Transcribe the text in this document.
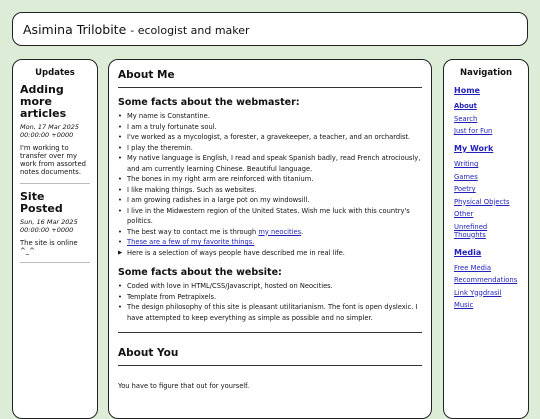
Asimina Trilobite - ecologist and maker
Updates

Adding more articles

Mon, 17 Mar 2025 00:00:00 +0000

I'm working to transfer over my work from assorted notes documents.

Site Posted

Sun, 16 Mar 2025 00:00:00 +0000

The site is online ^_^

About Me
Some facts about the webmaster:
• My name is Constantine.
• I am a truly fortunate soul.
• I've worked as a mycologist, a forester, a gravekeeper, a teacher, and an orchardist.
• I play the theremin.
• My native language is English, I read and speak Spanish badly, read French atrociously, and am currently learning Chinese. Beautiful language.
• The bones in my right arm are reinforced with titanium.
• I like making things. Such as websites.
• I am growing radishes in a large pot on my windowsill.
• I live in the Midwestern region of the United States. Wish me luck with this country's politics.
• The best way to contact me is through my neocities.
• These are a few of my favorite things.
▶ Here is a selection of ways people have described me in real life.
Some facts about the website:
• Coded with love in HTML/CSS/Javascript, hosted on Neocities.
• Template from Petrapixels.
• The design philosophy of this site is pleasant utilitarianism. The font is open dyslexic. I have attempted to keep everything as simple as possible and no simpler.
About You

You have to figure that out for yourself.

Navigation
Home
About
Search
Just for Fun
My Work
Writing
Games
Poetry
Physical Objects
Other
Unrefined Thoughts
Media
Free Media
Recommendations
Link Yggdrasil
Music
